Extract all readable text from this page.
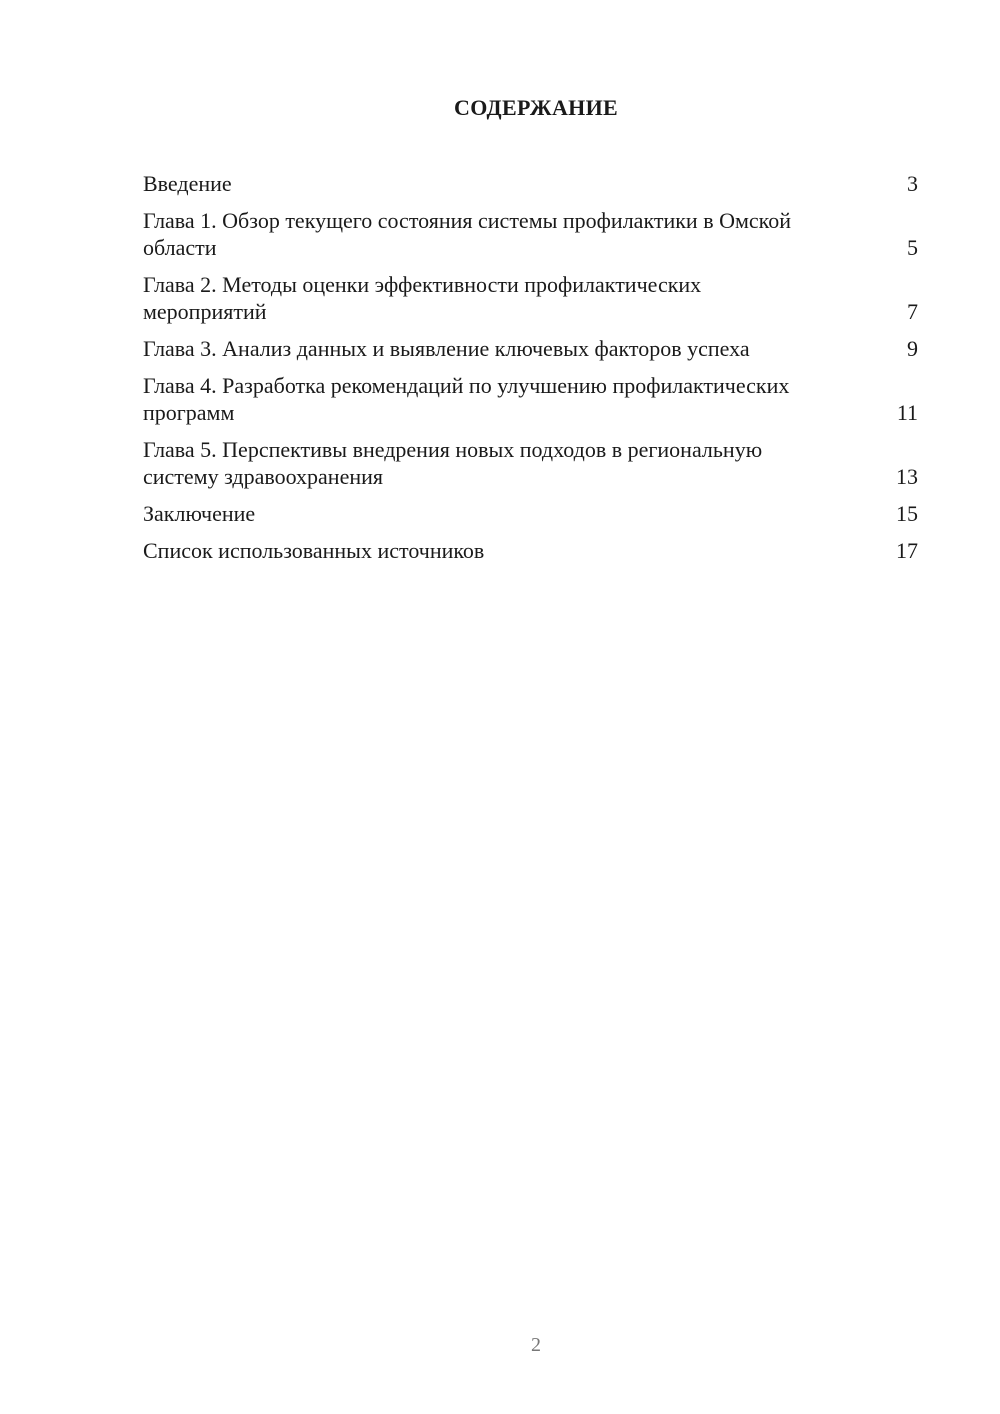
СОДЕРЖАНИЕ
Введение	3
Глава 1. Обзор текущего состояния системы профилактики в Омской области	5
Глава 2. Методы оценки эффективности профилактических мероприятий	7
Глава 3. Анализ данных и выявление ключевых факторов успеха	9
Глава 4. Разработка рекомендаций по улучшению профилактических программ	11
Глава 5. Перспективы внедрения новых подходов в региональную систему здравоохранения	13
Заключение	15
Список использованных источников	17
2
